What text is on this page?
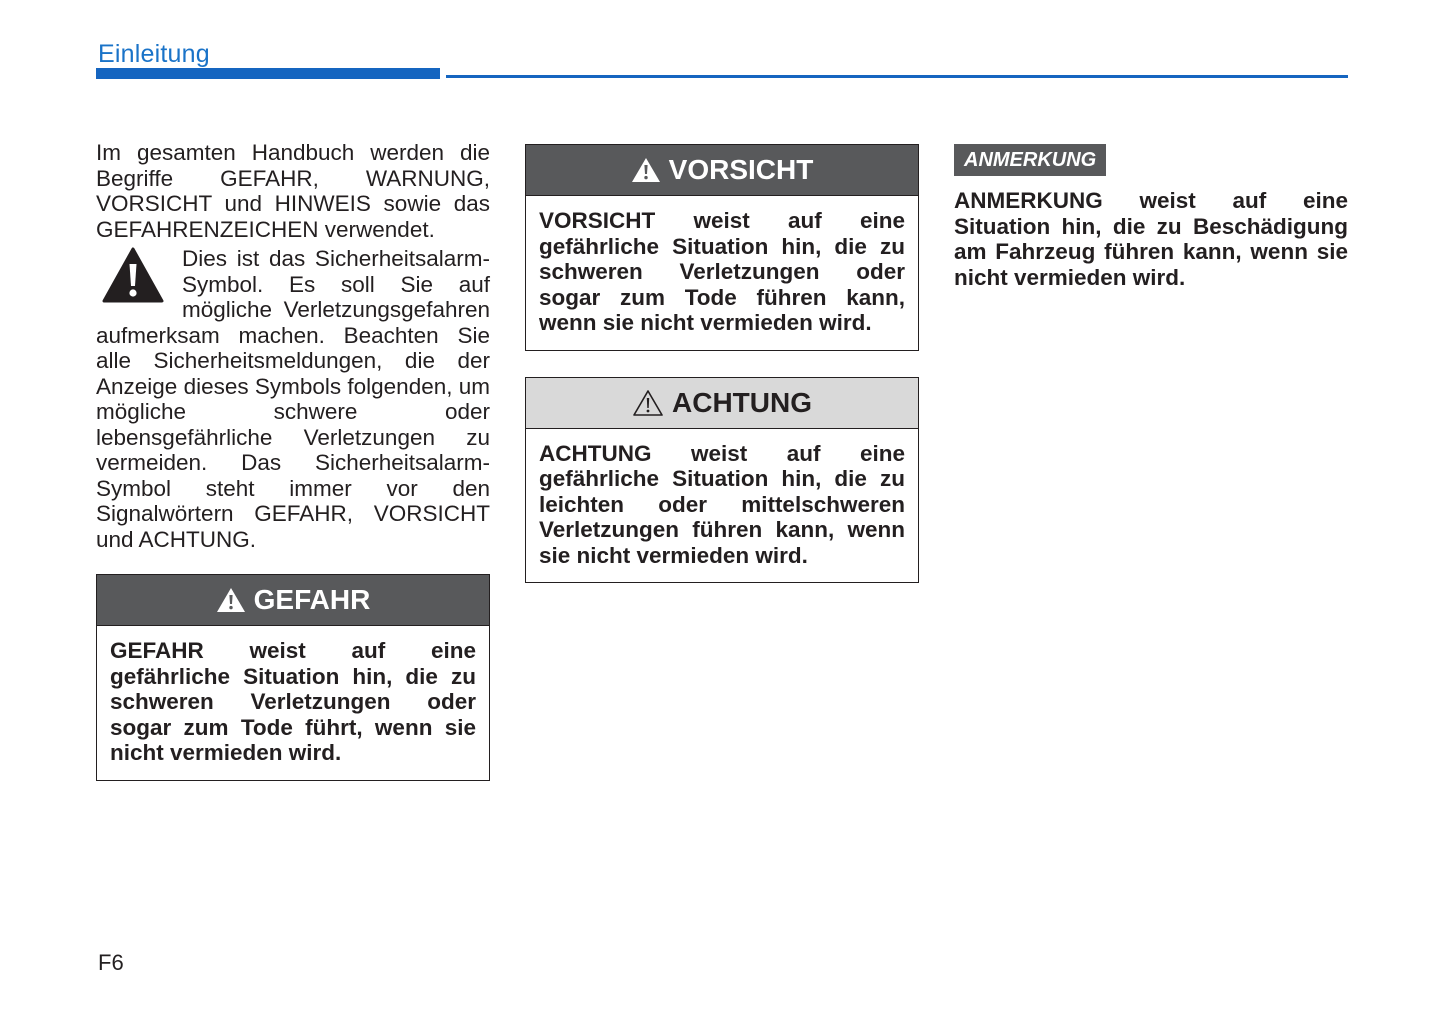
Einleitung

Im gesamten Handbuch werden die Begriffe GEFAHR, WARNUNG, VORSICHT und HINWEIS sowie das GEFAHRENZEICHEN verwendet.

Dies ist das Sicherheitsalarm-Symbol. Es soll Sie auf mögliche Verletzungsgefahren aufmerksam machen. Beachten Sie alle Sicherheitsmeldungen, die der Anzeige dieses Symbols folgenden, um mögliche schwere oder lebensgefährliche Verletzungen zu vermeiden. Das Sicherheitsalarm-Symbol steht immer vor den Signalwörtern GEFAHR, VORSICHT und ACHTUNG.
GEFAHR
GEFAHR weist auf eine gefährliche Situation hin, die zu schweren Verletzungen oder sogar zum Tode führt, wenn sie nicht vermieden wird.
VORSICHT
VORSICHT weist auf eine gefährliche Situation hin, die zu schweren Verletzungen oder sogar zum Tode führen kann, wenn sie nicht vermieden wird.
ACHTUNG
ACHTUNG weist auf eine gefährliche Situation hin, die zu leichten oder mittelschweren Verletzungen führen kann, wenn sie nicht vermieden wird.
ANMERKUNG
ANMERKUNG weist auf eine Situation hin, die zu Beschädigung am Fahrzeug führen kann, wenn sie nicht vermieden wird.
F6
